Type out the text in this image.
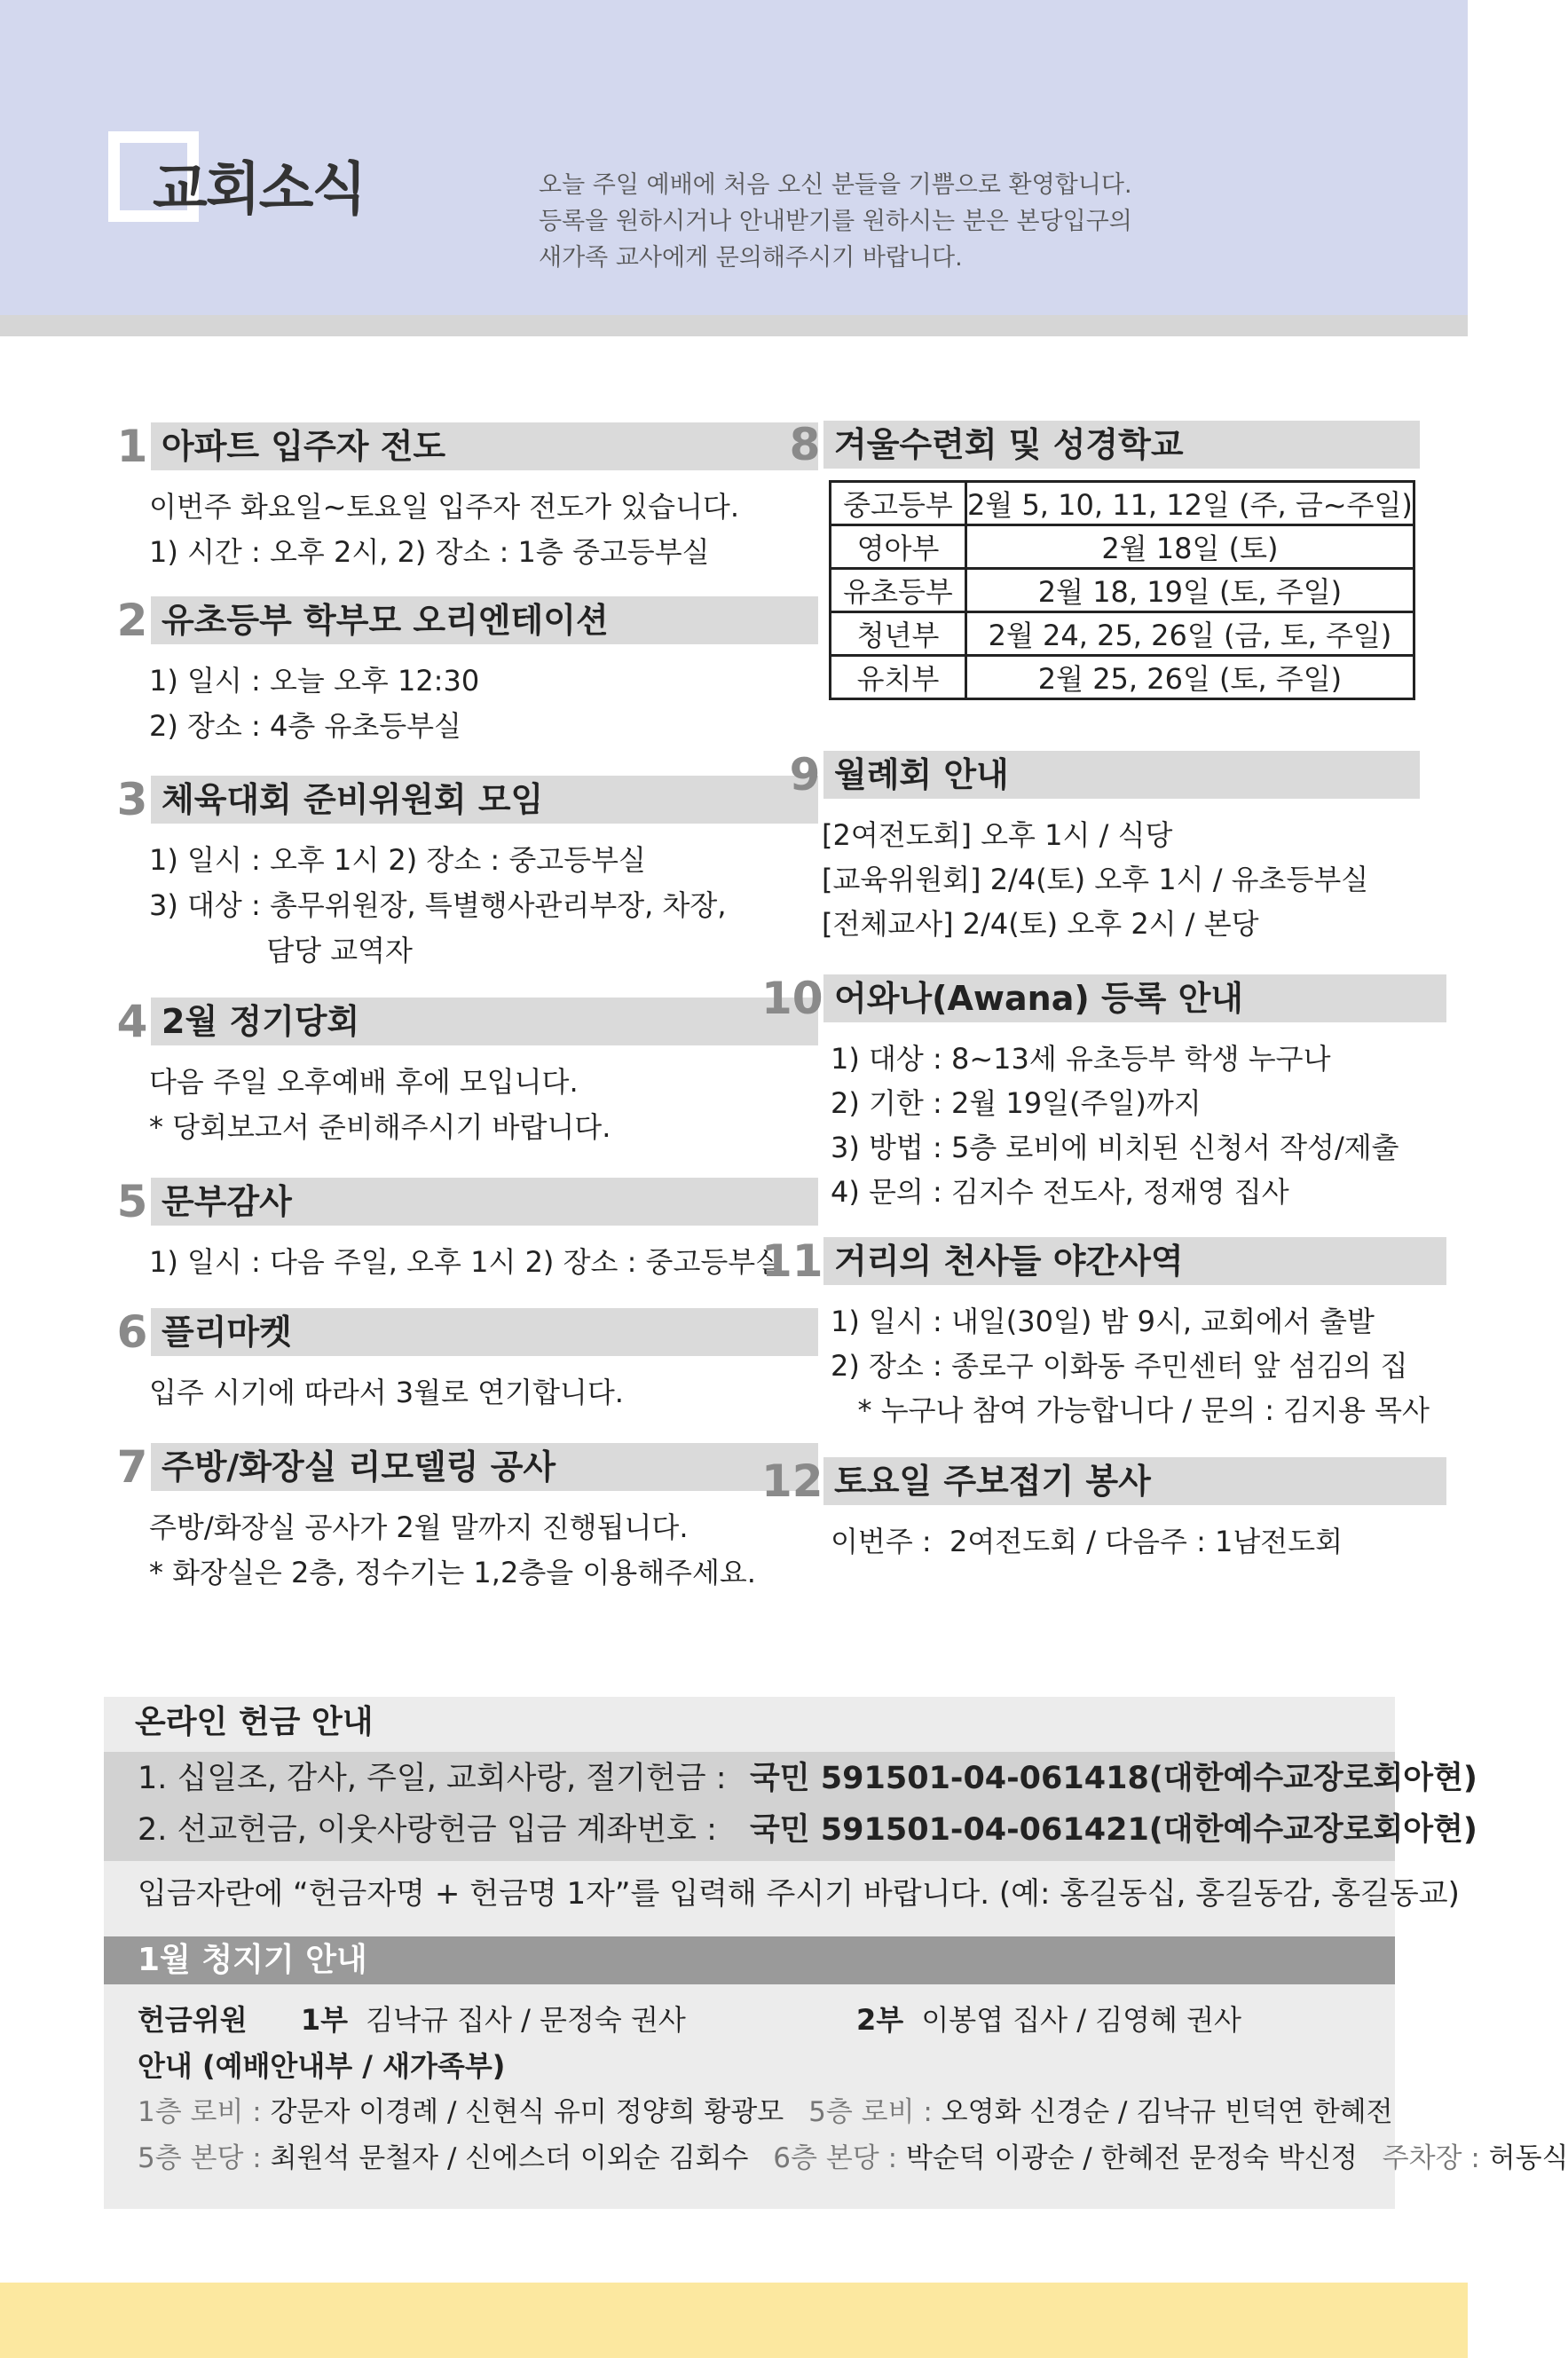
교회소식	오늘 주일 예배에 처음 오신 분들을 기쁨으로 환영합니다.
등록을 원하시거나 안내받기를 원하시는 분은 본당입구의
새가족 교사에게 문의해주시기 바랍니다.
1 아파트 입주자 전도
이번주 화요일~토요일 입주자 전도가 있습니다.
1) 시간 : 오후 2시, 2) 장소 : 1층 중고등부실
2 유초등부 학부모 오리엔테이션
1) 일시 : 오늘 오후 12:30
2) 장소 : 4층 유초등부실
3 체육대회 준비위원회 모임
1) 일시 : 오후 1시 2) 장소 : 중고등부실
3) 대상 : 총무위원장, 특별행사관리부장, 차장,
담당 교역자
4 2월 정기당회
다음 주일 오후예배 후에 모입니다.
* 당회보고서 준비해주시기 바랍니다.
5 문부감사
1) 일시 : 다음 주일, 오후 1시 2) 장소 : 중고등부실
6 플리마켓
입주 시기에 따라서 3월로 연기합니다.
7 주방/화장실 리모델링 공사
주방/화장실 공사가 2월 말까지 진행됩니다.
* 화장실은 2층, 정수기는 1,2층을 이용해주세요.
8 겨울수련회 및 성경학교
중고등부	2월 5, 10, 11, 12일 (주, 금~주일)
영아부	2월 18일 (토)
유초등부	2월 18, 19일 (토, 주일)
청년부	2월 24, 25, 26일 (금, 토, 주일)
유치부	2월 25, 26일 (토, 주일)
9 월례회 안내
[2여전도회] 오후 1시 / 식당
[교육위원회] 2/4(토) 오후 1시 / 유초등부실
[전체교사] 2/4(토) 오후 2시 / 본당
10 어와나(Awana) 등록 안내
1) 대상 : 8~13세 유초등부 학생 누구나
2) 기한 : 2월 19일(주일)까지
3) 방법 : 5층 로비에 비치된 신청서 작성/제출
4) 문의 : 김지수 전도사, 정재영 집사
11 거리의 천사들 야간사역
1) 일시 : 내일(30일) 밤 9시, 교회에서 출발
2) 장소 : 종로구 이화동 주민센터 앞 섬김의 집
* 누구나 참여 가능합니다 / 문의 : 김지용 목사
12 토요일 주보접기 봉사
이번주 :  2여전도회 / 다음주 : 1남전도회
온라인 헌금 안내
1. 십일조, 감사, 주일, 교회사랑, 절기헌금 : 국민 591501-04-061418(대한예수교장로회아현)
2. 선교헌금, 이웃사랑헌금 입금 계좌번호 : 국민 591501-04-061421(대한예수교장로회아현)
입금자란에 “헌금자명 + 헌금명 1자”를 입력해 주시기 바랍니다. (예: 홍길동십, 홍길동감, 홍길동교)
1월 청지기 안내
헌금위원 1부 김낙규 집사 / 문정숙 권사	2부 이봉엽 집사 / 김영혜 권사
안내 (예배안내부 / 새가족부)
1층 로비 : 강문자 이경례 / 신현식 유미 정양희 황광모 5층 로비 : 오영화 신경순 / 김낙규 빈덕연 한혜전
5층 본당 : 최원석 문철자 / 신에스더 이외순 김회수 6층 본당 : 박순덕 이광순 / 한혜전 문정숙 박신정 주차장 : 허동식
